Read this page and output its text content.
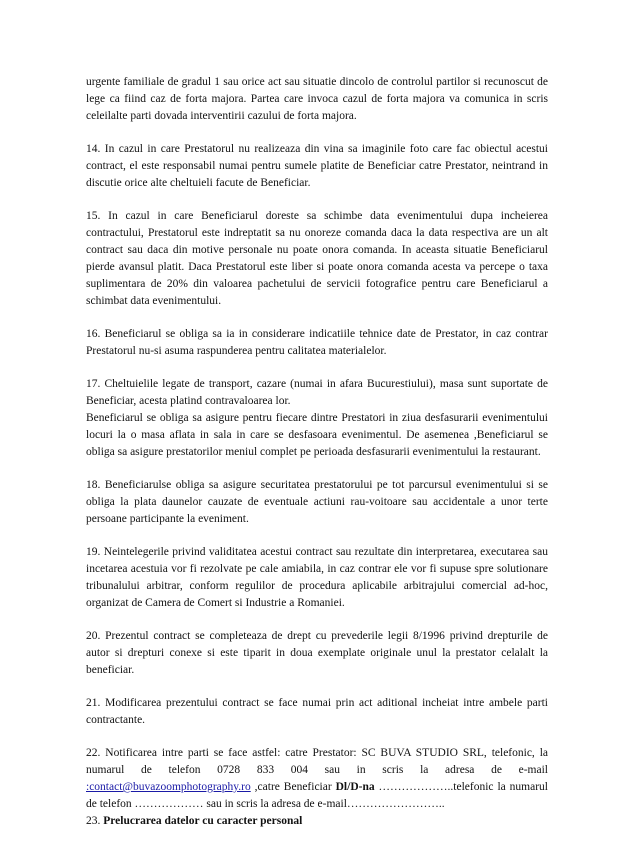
urgente familiale de gradul 1 sau orice act sau situatie dincolo de controlul partilor si recunoscut de lege ca fiind caz de forta majora. Partea care invoca cazul de forta majora va comunica in scris celeilalte parti dovada interventirii cazului de forta majora.

14. In cazul in care Prestatorul nu realizeaza din vina sa imaginile foto care fac obiectul acestui contract, el este responsabil numai pentru sumele platite de Beneficiar catre Prestator, neintrand in discutie orice alte cheltuieli facute de Beneficiar.

15. In cazul in care Beneficiarul doreste sa schimbe data evenimentului dupa incheierea contractului, Prestatorul este indreptatit sa nu onoreze comanda daca la data respectiva are un alt contract sau daca din motive personale nu poate onora comanda. In aceasta situatie Beneficiarul pierde avansul platit. Daca Prestatorul este liber si poate onora comanda acesta va percepe o taxa suplimentara de 20% din valoarea pachetului de servicii fotografice pentru care Beneficiarul a schimbat data evenimentului.

16. Beneficiarul se obliga sa ia in considerare indicatiile tehnice date de Prestator, in caz contrar Prestatorul nu-si asuma raspunderea pentru calitatea materialelor.

17. Cheltuielile legate de transport, cazare (numai in afara Bucurestiului), masa sunt suportate de Beneficiar, acesta platind contravaloarea lor.

Beneficiarul se obliga sa asigure pentru fiecare dintre Prestatori in ziua desfasurarii evenimentului locuri la o masa aflata in sala in care se desfasoara evenimentul. De asemenea ,Beneficiarul se obliga sa asigure prestatorilor meniul complet pe perioada desfasurarii evenimentului la restaurant.

18. Beneficiarulse obliga sa asigure securitatea prestatorului pe tot parcursul evenimentului si se obliga la plata daunelor cauzate de eventuale actiuni rau-voitoare sau accidentale a unor terte persoane participante la eveniment.

19. Neintelegerile privind validitatea acestui contract sau rezultate din interpretarea, executarea sau incetarea acestuia vor fi rezolvate pe cale amiabila, in caz contrar ele vor fi supuse spre solutionare tribunalului arbitrar, conform regulilor de procedura aplicabile arbitrajului comercial ad-hoc, organizat de Camera de Comert si Industrie a Romaniei.

20. Prezentul contract se completeaza de drept cu prevederile legii 8/1996 privind drepturile de autor si drepturi conexe si este tiparit in doua exemplate originale unul la prestator celalalt la beneficiar.

21. Modificarea prezentului contract se face numai prin act aditional incheiat intre ambele parti contractante.

22. Notificarea intre parti se face astfel: catre Prestator: SC BUVA STUDIO SRL, telefonic, la numarul de telefon 0728 833 004 sau in scris la adresa de e-mail :contact@buvazoomphotography.ro ,catre Beneficiar Dl/D-na ………………..telefonic la numarul de telefon ……………… sau in scris la adresa de e-mail……………………..

23. Prelucrarea datelor cu caracter personal
